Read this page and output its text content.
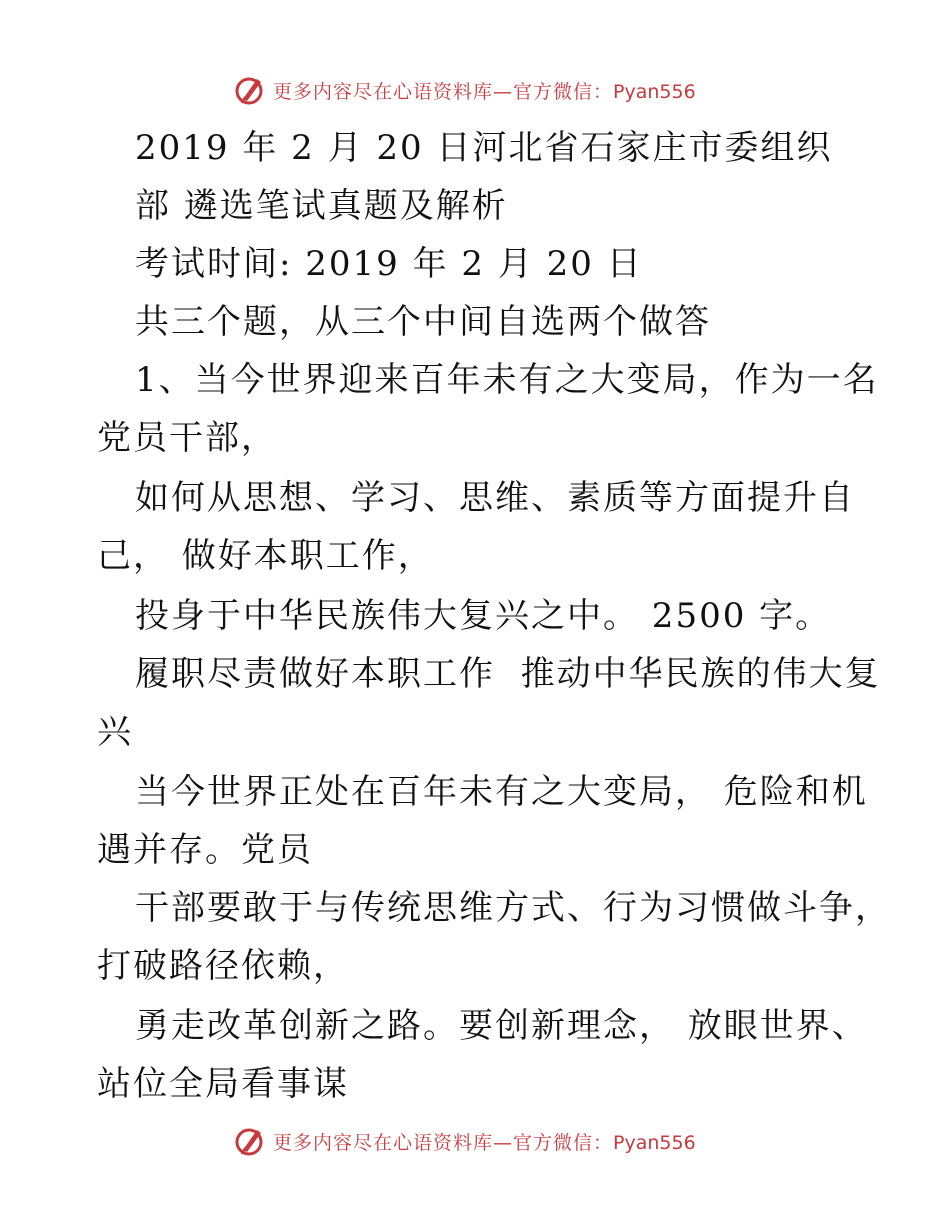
更多内容尽在心语资料库—官方微信：Pyan556

2019 年 2 月 20 日河北省石家庄市委组织

部 遴选笔试真题及解析

考试时间: 2019 年 2 月 20 日

共三个题，从三个中间自选两个做答

1、当今世界迎来百年未有之大变局，作为一名

党员干部，

如何从思想、学习、思维、素质等方面提升自

己， 做好本职工作，

投身于中华民族伟大复兴之中。 2500 字。

履职尽责做好本职工作  推动中华民族的伟大复

兴

当今世界正处在百年未有之大变局， 危险和机

遇并存。党员

干部要敢于与传统思维方式、行为习惯做斗争，

打破路径依赖，

勇走改革创新之路。要创新理念， 放眼世界、

站位全局看事谋

更多内容尽在心语资料库—官方微信：Pyan556
